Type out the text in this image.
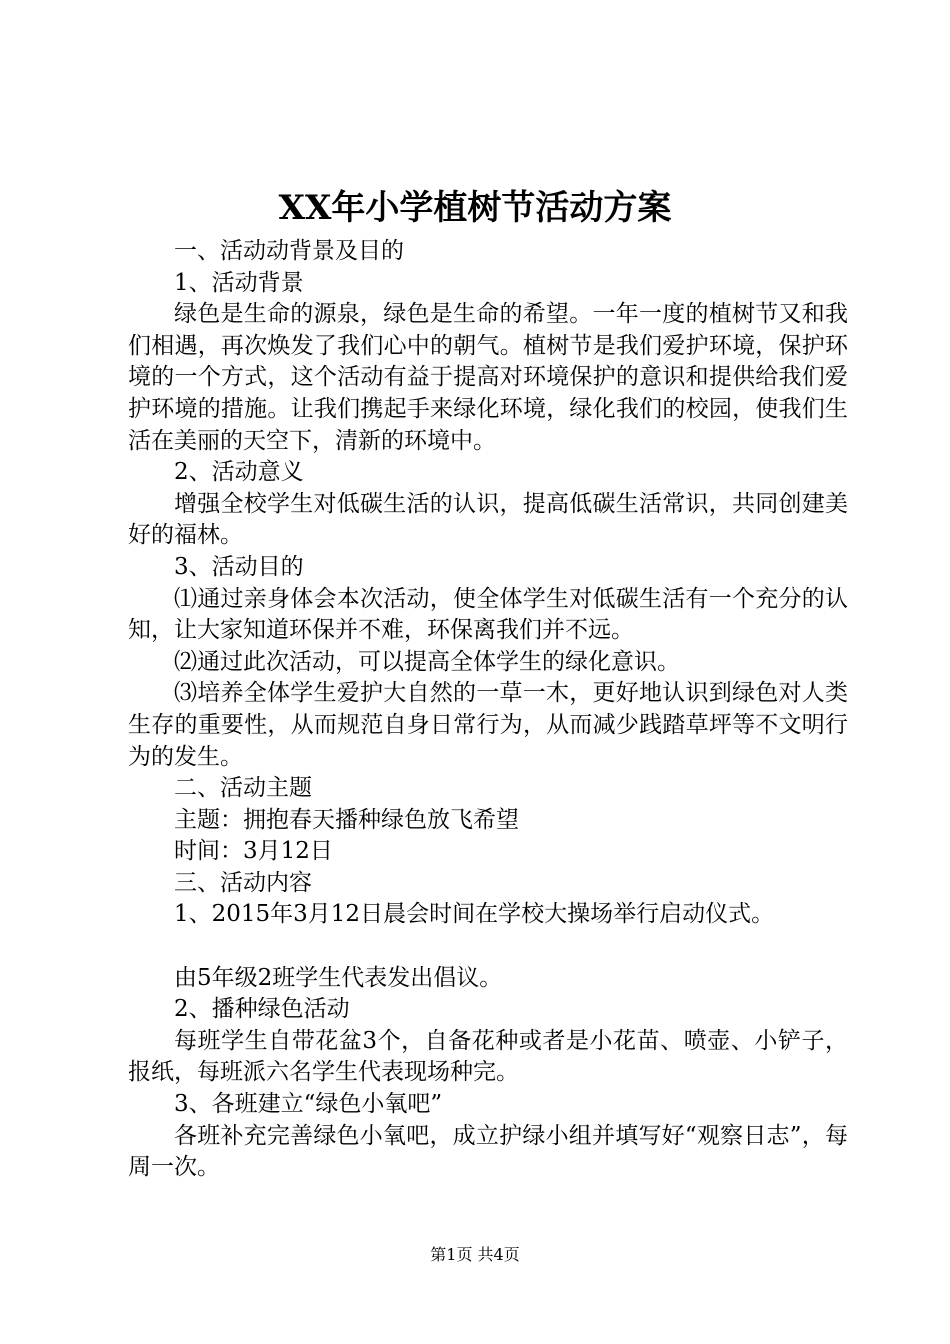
XX年小学植树节活动方案

一、活动动背景及目的

1、活动背景

绿色是生命的源泉，绿色是生命的希望。一年一度的植树节又和我们相遇，再次焕发了我们心中的朝气。植树节是我们爱护环境，保护环境的一个方式，这个活动有益于提高对环境保护的意识和提供给我们爱护环境的措施。让我们携起手来绿化环境，绿化我们的校园，使我们生活在美丽的天空下，清新的环境中。

2、活动意义

增强全校学生对低碳生活的认识，提高低碳生活常识，共同创建美好的福林。

3、活动目的

⑴通过亲身体会本次活动，使全体学生对低碳生活有一个充分的认知，让大家知道环保并不难，环保离我们并不远。

⑵通过此次活动，可以提高全体学生的绿化意识。

⑶培养全体学生爱护大自然的一草一木，更好地认识到绿色对人类生存的重要性，从而规范自身日常行为，从而减少践踏草坪等不文明行为的发生。

二、活动主题

主题：拥抱春天播种绿色放飞希望

时间：3月12日

三、活动内容

1、2015年3月12日晨会时间在学校大操场举行启动仪式。

由5年级2班学生代表发出倡议。

2、播种绿色活动

每班学生自带花盆3个，自备花种或者是小花苗、喷壶、小铲子，报纸，每班派六名学生代表现场种完。

3、各班建立“绿色小氧吧”

各班补充完善绿色小氧吧，成立护绿小组并填写好“观察日志”，每周一次。

第1页 共4页
